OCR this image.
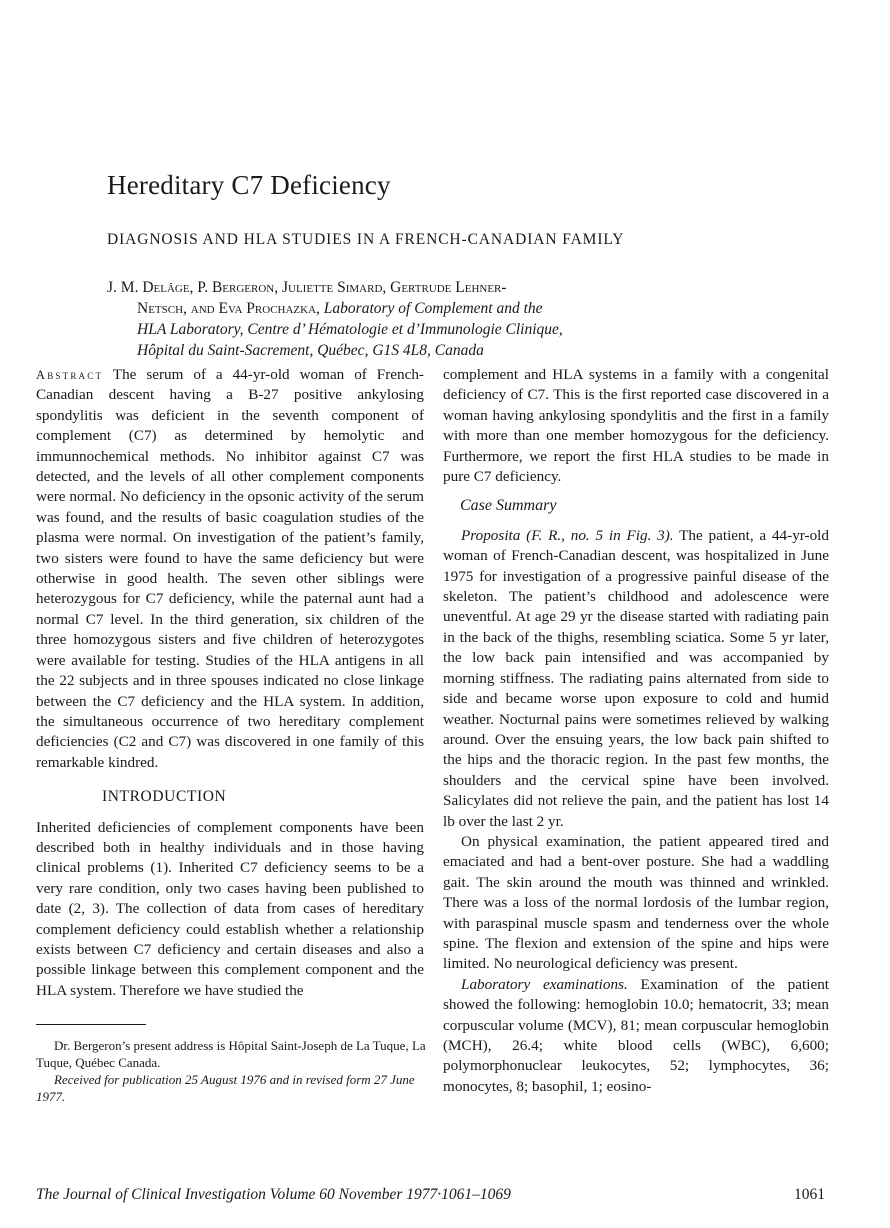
Hereditary C7 Deficiency
DIAGNOSIS AND HLA STUDIES IN A FRENCH-CANADIAN FAMILY
J. M. Delâge, P. Bergeron, Juliette Simard, Gertrude Lehner-
Netsch, and Eva Prochazka, Laboratory of Complement and the
HLA Laboratory, Centre d’ Hématologie et d’Immunologie Clinique,
Hôpital du Saint-Sacrement, Québec, G1S 4L8, Canada

Abstract The serum of a 44-yr-old woman of French-Canadian descent having a B-27 positive ankylosing spondylitis was deficient in the seventh component of complement (C7) as determined by hemolytic and immunnochemical methods. No inhibitor against C7 was detected, and the levels of all other complement components were normal. No deficiency in the opsonic activity of the serum was found, and the results of basic coagulation studies of the plasma were normal. On investigation of the patient’s family, two sisters were found to have the same deficiency but were otherwise in good health. The seven other siblings were heterozygous for C7 deficiency, while the paternal aunt had a normal C7 level. In the third generation, six children of the three homozygous sisters and five children of heterozygotes were available for testing. Studies of the HLA antigens in all the 22 subjects and in three spouses indicated no close linkage between the C7 deficiency and the HLA system. In addition, the simultaneous occurrence of two hereditary complement deficiencies (C2 and C7) was discovered in one family of this remarkable kindred.

INTRODUCTION

Inherited deficiencies of complement components have been described both in healthy individuals and in those having clinical problems (1). Inherited C7 deficiency seems to be a very rare condition, only two cases having been published to date (2, 3). The collection of data from cases of hereditary complement deficiency could establish whether a relationship exists between C7 deficiency and certain diseases and also a possible linkage between this complement component and the HLA system. Therefore we have studied the

complement and HLA systems in a family with a congenital deficiency of C7. This is the first reported case discovered in a woman having ankylosing spondylitis and the first in a family with more than one member homozygous for the deficiency. Furthermore, we report the first HLA studies to be made in pure C7 deficiency.

Case Summary

Proposita (F. R., no. 5 in Fig. 3). The patient, a 44-yr-old woman of French-Canadian descent, was hospitalized in June 1975 for investigation of a progressive painful disease of the skeleton. The patient’s childhood and adolescence were uneventful. At age 29 yr the disease started with radiating pain in the back of the thighs, resembling sciatica. Some 5 yr later, the low back pain intensified and was accompanied by morning stiffness. The radiating pains alternated from side to side and became worse upon exposure to cold and humid weather. Nocturnal pains were sometimes relieved by walking around. Over the ensuing years, the low back pain shifted to the hips and the thoracic region. In the past few months, the shoulders and the cervical spine have been involved. Salicylates did not relieve the pain, and the patient has lost 14 lb over the last 2 yr.

On physical examination, the patient appeared tired and emaciated and had a bent-over posture. She had a waddling gait. The skin around the mouth was thinned and wrinkled. There was a loss of the normal lordosis of the lumbar region, with paraspinal muscle spasm and tenderness over the whole spine. The flexion and extension of the spine and hips were limited. No neurological deficiency was present.

Laboratory examinations. Examination of the patient showed the following: hemoglobin 10.0; hematocrit, 33; mean corpuscular volume (MCV), 81; mean corpuscular hemoglobin (MCH), 26.4; white blood cells (WBC), 6,600; polymorphonuclear leukocytes, 52; lymphocytes, 36; monocytes, 8; basophil, 1; eosino-

Dr. Bergeron’s present address is Hôpital Saint-Joseph de La Tuque, La Tuque, Québec Canada.

Received for publication 25 August 1976 and in revised form 27 June 1977.

The Journal of Clinical Investigation Volume 60 November 1977·1061–1069	1061
